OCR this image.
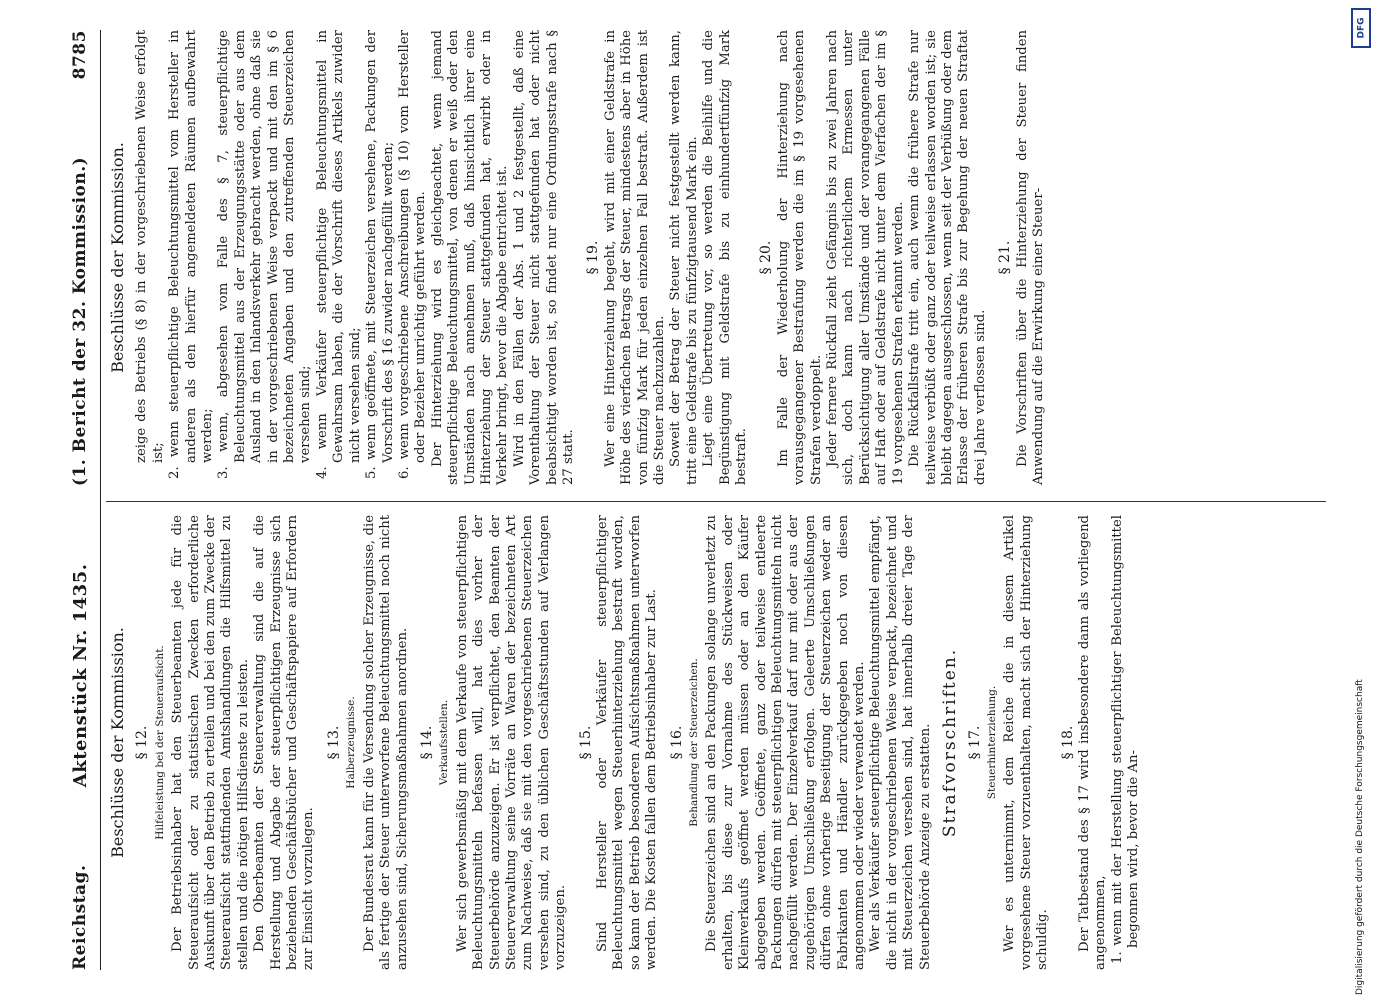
Reichstag.
Aktenstück Nr. 1435.
(1. Bericht der 32. Kommission.)
8785
Beschlüsse der Kommission. § 12. Hilfeleistung bei der Steueraufsicht. Der Betriebsinhaber hat den Steuerbeamten jede für die Steueraufsicht oder zu statistischen Zwecken erforderliche Auskunft über den Betrieb zu erteilen und bei den zum Zwecke der Steueraufsicht stattfindenden Amtshandlungen die Hilfsmittel zu stellen und die nötigen Hilfsdienste zu leisten. Den Oberbeamten der Steuerverwaltung sind die auf die Herstellung und Abgabe der steuerpflichtigen Erzeugnisse sich beziehenden Geschäftsbücher und Geschäftspapiere auf Erfordern zur Einsicht vorzulegen.

§ 13. Halberzeugnisse. Der Bundesrat kann für die Versendung solcher Erzeugnisse, die als fertige der Steuer unterworfene Beleuchtungsmittel noch nicht anzusehen sind, Sicherungsmaßnahmen anordnen. § 14. Verkaufsstellen. Wer sich gewerbsmäßig mit dem Verkaufe von steuerpflichtigen Beleuchtungsmitteln befassen will, hat dies vorher der Steuerbehörde anzuzeigen. Er ist verpflichtet, den Beamten der Steuerverwaltung seine Vorräte an Waren der bezeichneten Art zum Nachweise, daß sie mit den vorgeschriebenen Steuerzeichen versehen sind, zu den üblichen Geschäftsstunden auf Verlangen vorzuzeigen.

§ 15. Sind Hersteller oder Verkäufer steuerpflichtiger Beleuchtungsmittel wegen Steuerhinterziehung bestraft worden, so kann der Betrieb besonderen Aufsichtsmaßnahmen unterworfen werden. Die Kosten fallen dem Betriebsinhaber zur Last. § 16. Behandlung der Steuerzeichen. Die Steuerzeichen sind an den Packungen solange unverletzt zu erhalten, bis diese zur Vornahme des Stückweisen oder Kleinverkaufs geöffnet werden müssen oder an den Käufer abgegeben werden. Geöffnete, ganz oder teilweise entleerte Packungen dürfen mit steuerpflichtigen Beleuchtungsmitteln nicht nachgefüllt werden. Der Einzelverkauf darf nur mit oder aus der zugehörigen Umschließung erfolgen. Geleerte Umschließungen dürfen ohne vorherige Beseitigung der Steuerzeichen weder an Fabrikanten und Händler zurückgegeben noch von diesen angenommen oder wieder verwendet werden. Wer als Verkäufer steuerpflichtige Beleuchtungsmittel empfängt, die nicht in der vorgeschriebenen Weise verpackt, bezeichnet und mit Steuerzeichen versehen sind, hat innerhalb dreier Tage der Steuerbehörde Anzeige zu erstatten. Strafvorschriften. § 17. Steuerhinterziehung. Wer es unternimmt, dem Reiche die in diesem Artikel vorgesehene Steuer vorzuenthalten, macht sich der Hinterziehung schuldig.

§ 18. Der Tatbestand des § 17 wird insbesondere dann als vorliegend angenommen, 1. wenn mit der Herstellung steuerpflichtiger Beleuchtungsmittel begonnen wird, bevor die An-

Beschlüsse der Kommission. zeige des Betriebs (§ 8) in der vorgeschriebenen Weise erfolgt ist; 2. wenn steuerpflichtige Beleuchtungsmittel vom Hersteller in anderen als den hierfür angemeldeten Räumen aufbewahrt werden; 3. wenn, abgesehen vom Falle des § 7, steuerpflichtige Beleuchtungsmittel aus der Erzeugungsstätte oder aus dem Ausland in den Inlandsverkehr gebracht werden, ohne daß sie in der vorgeschriebenen Weise verpackt und mit den im § 6 bezeichneten Angaben und den zutreffenden Steuerzeichen versehen sind; 4. wenn Verkäufer steuerpflichtige Beleuchtungsmittel in Gewahrsam haben, die der Vorschrift dieses Artikels zuwider nicht versehen sind; 5. wenn geöffnete, mit Steuerzeichen versehene, Packungen der Vorschrift des § 16 zuwider nachgefüllt werden; 6. wenn vorgeschriebene Anschreibungen (§ 10) vom Hersteller oder Bezieher unrichtig geführt werden. Der Hinterziehung wird es gleichgeachtet, wenn jemand steuerpflichtige Beleuchtungsmittel, von denen er weiß oder den Umständen nach annehmen muß, daß hinsichtlich ihrer eine Hinterziehung der Steuer stattgefunden hat, erwirbt oder in Verkehr bringt, bevor die Abgabe entrichtet ist. Wird in den Fällen der Abs. 1 und 2 festgestellt, daß eine Vorenthaltung der Steuer nicht stattgefunden hat oder nicht beabsichtigt worden ist, so findet nur eine Ordnungsstrafe nach § 27 statt.

§ 19. Wer eine Hinterziehung begeht, wird mit einer Geldstrafe in Höhe des vierfachen Betrags der Steuer, mindestens aber in Höhe von fünfzig Mark für jeden einzelnen Fall bestraft. Außerdem ist die Steuer nachzuzahlen. Soweit der Betrag der Steuer nicht festgestellt werden kann, tritt eine Geldstrafe bis zu fünfzigtausend Mark ein. Liegt eine Übertretung vor, so werden die Beihilfe und die Begünstigung mit Geldstrafe bis zu einhundertfünfzig Mark bestraft.

§ 20. Im Falle der Wiederholung der Hinterziehung nach vorausgegangener Bestrafung werden die im § 19 vorgesehenen Strafen verdoppelt. Jeder fernere Rückfall zieht Gefängnis bis zu zwei Jahren nach sich, doch kann nach richterlichem Ermessen unter Berücksichtigung aller Umstände und der vorangegangenen Fälle auf Haft oder auf Geldstrafe nicht unter dem Vierfachen der im § 19 vorgesehenen Strafen erkannt werden. Die Rückfallstrafe tritt ein, auch wenn die frühere Strafe nur teilweise verbüßt oder ganz oder teilweise erlassen worden ist; sie bleibt dagegen ausgeschlossen, wenn seit der Verbüßung oder dem Erlasse der früheren Strafe bis zur Begehung der neuen Straftat drei Jahre verflossen sind.

§ 21. Die Vorschriften über die Hinterziehung der Steuer finden Anwendung auf die Erwirkung einer Steuer-

DFG
Digitalisierung gefördert durch die Deutsche Forschungsgemeinschaft
